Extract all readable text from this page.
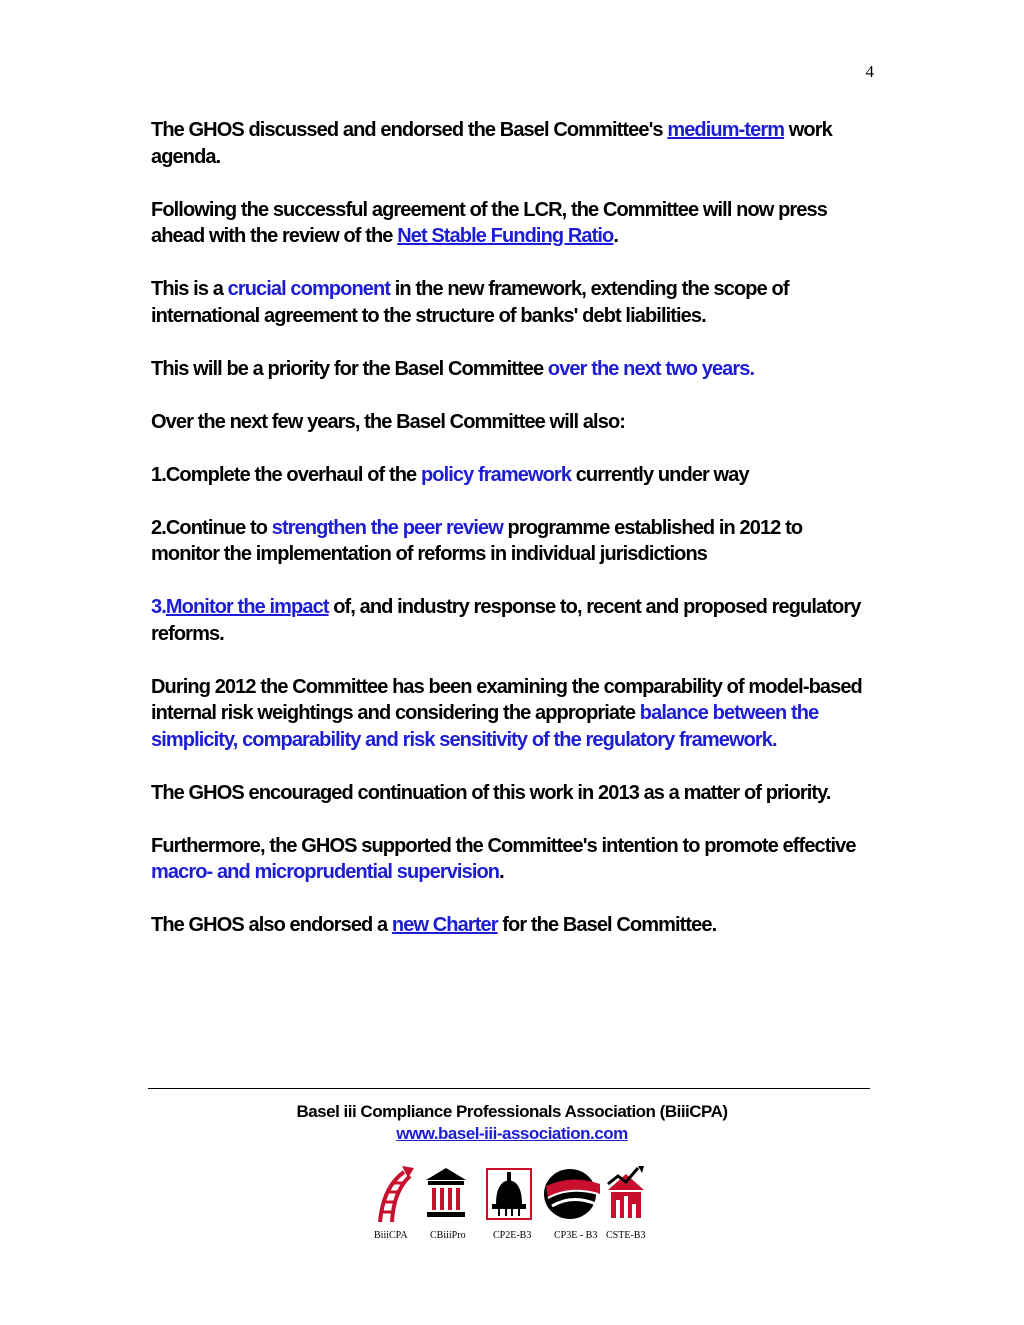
4

The GHOS discussed and endorsed the Basel Committee's medium-term work agenda.

Following the successful agreement of the LCR, the Committee will now press ahead with the review of the Net Stable Funding Ratio.

This is a crucial component in the new framework, extending the scope of international agreement to the structure of banks' debt liabilities.

This will be a priority for the Basel Committee over the next two years.

Over the next few years, the Basel Committee will also:

1.Complete the overhaul of the policy framework currently under way

2.Continue to strengthen the peer review programme established in 2012 to monitor the implementation of reforms in individual jurisdictions

3.Monitor the impact of, and industry response to, recent and proposed regulatory reforms.

During 2012 the Committee has been examining the comparability of model-based internal risk weightings and considering the appropriate balance between the simplicity, comparability and risk sensitivity of the regulatory framework.

The GHOS encouraged continuation of this work in 2013 as a matter of priority.

Furthermore, the GHOS supported the Committee's intention to promote effective macro- and microprudential supervision.

The GHOS also endorsed a new Charter for the Basel Committee.

Basel iii Compliance Professionals Association (BiiiCPA)
www.basel-iii-association.com
BiiiCPA CBiiiPro	CP2E-B3 CP3E - B3 CSTE-B3
